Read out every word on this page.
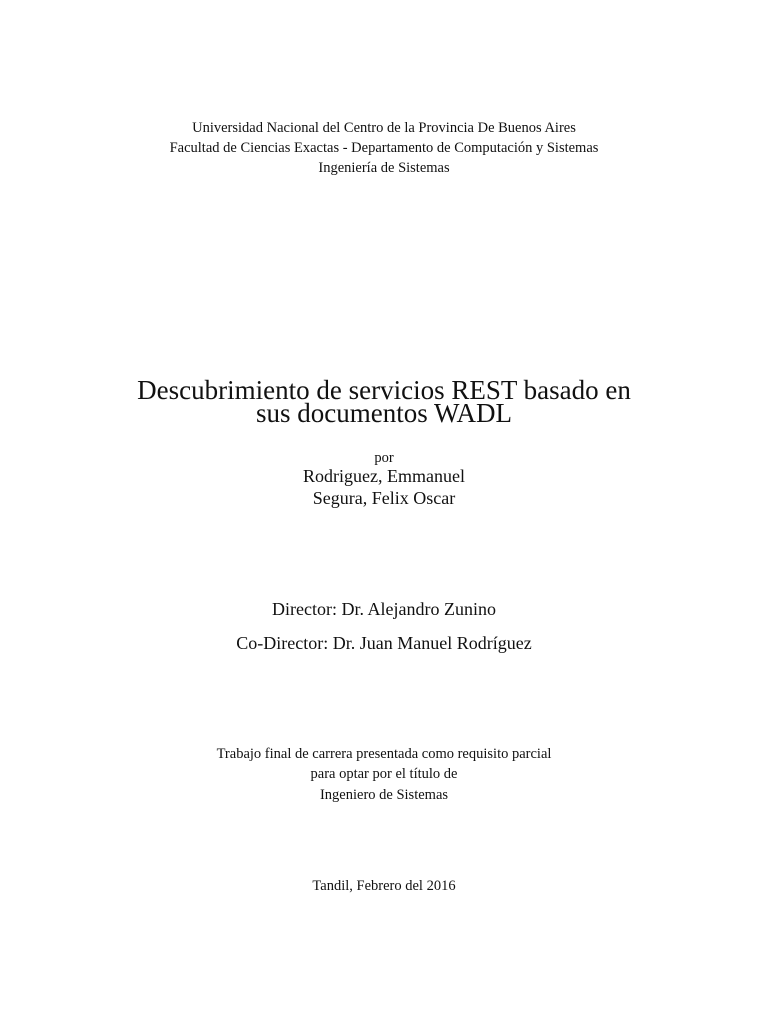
Universidad Nacional del Centro de la Provincia De Buenos Aires
Facultad de Ciencias Exactas - Departamento de Computación y Sistemas
Ingeniería de Sistemas
Descubrimiento de servicios REST basado en
sus documentos WADL
por
Rodriguez, Emmanuel
Segura, Felix Oscar
Director: Dr. Alejandro Zunino
Co-Director: Dr. Juan Manuel Rodríguez
Trabajo final de carrera presentada como requisito parcial
para optar por el título de
Ingeniero de Sistemas
Tandil, Febrero del 2016
